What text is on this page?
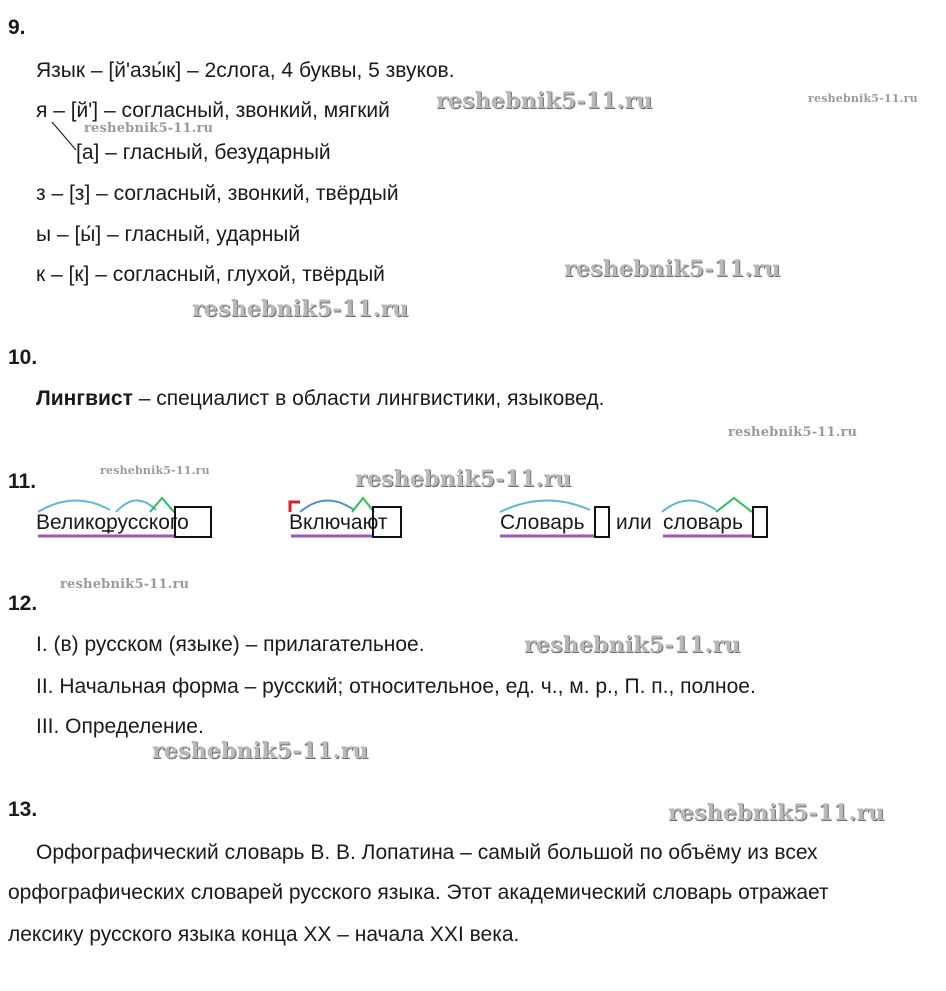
9.
Язык – [й'азы́к] – 2слога, 4 буквы, 5 звуков.
я – [й'] – согласный, звонкий, мягкий
[а] – гласный, безударный
з – [з] – согласный, звонкий, твёрдый
ы – [ы́] – гласный, ударный
к – [к] – согласный, глухой, твёрдый
10.
Лингвист – специалист в области лингвистики, языковед.
11.
Великорусского	Включают	Словарь или словарь
12.
I. (в) русском (языке) – прилагательное.
II. Начальная форма – русский; относительное, ед. ч., м. р., П. п., полное.
III. Определение.
13.
Орфографический словарь В. В. Лопатина – самый большой по объёму из всех
орфографических словарей русского языка. Этот академический словарь отражает
лексику русского языка конца XX – начала XXI века.
reshebnik5-11.ru	reshebnik5-11.ru
reshebnik5-11.ru
reshebnik5-11.ru
reshebnik5-11.ru
reshebnik5-11.ru
reshebnik5-11.ru	reshebnik5-11.ru
reshebnik5-11.ru
reshebnik5-11.ru
reshebnik5-11.ru
reshebnik5-11.ru
